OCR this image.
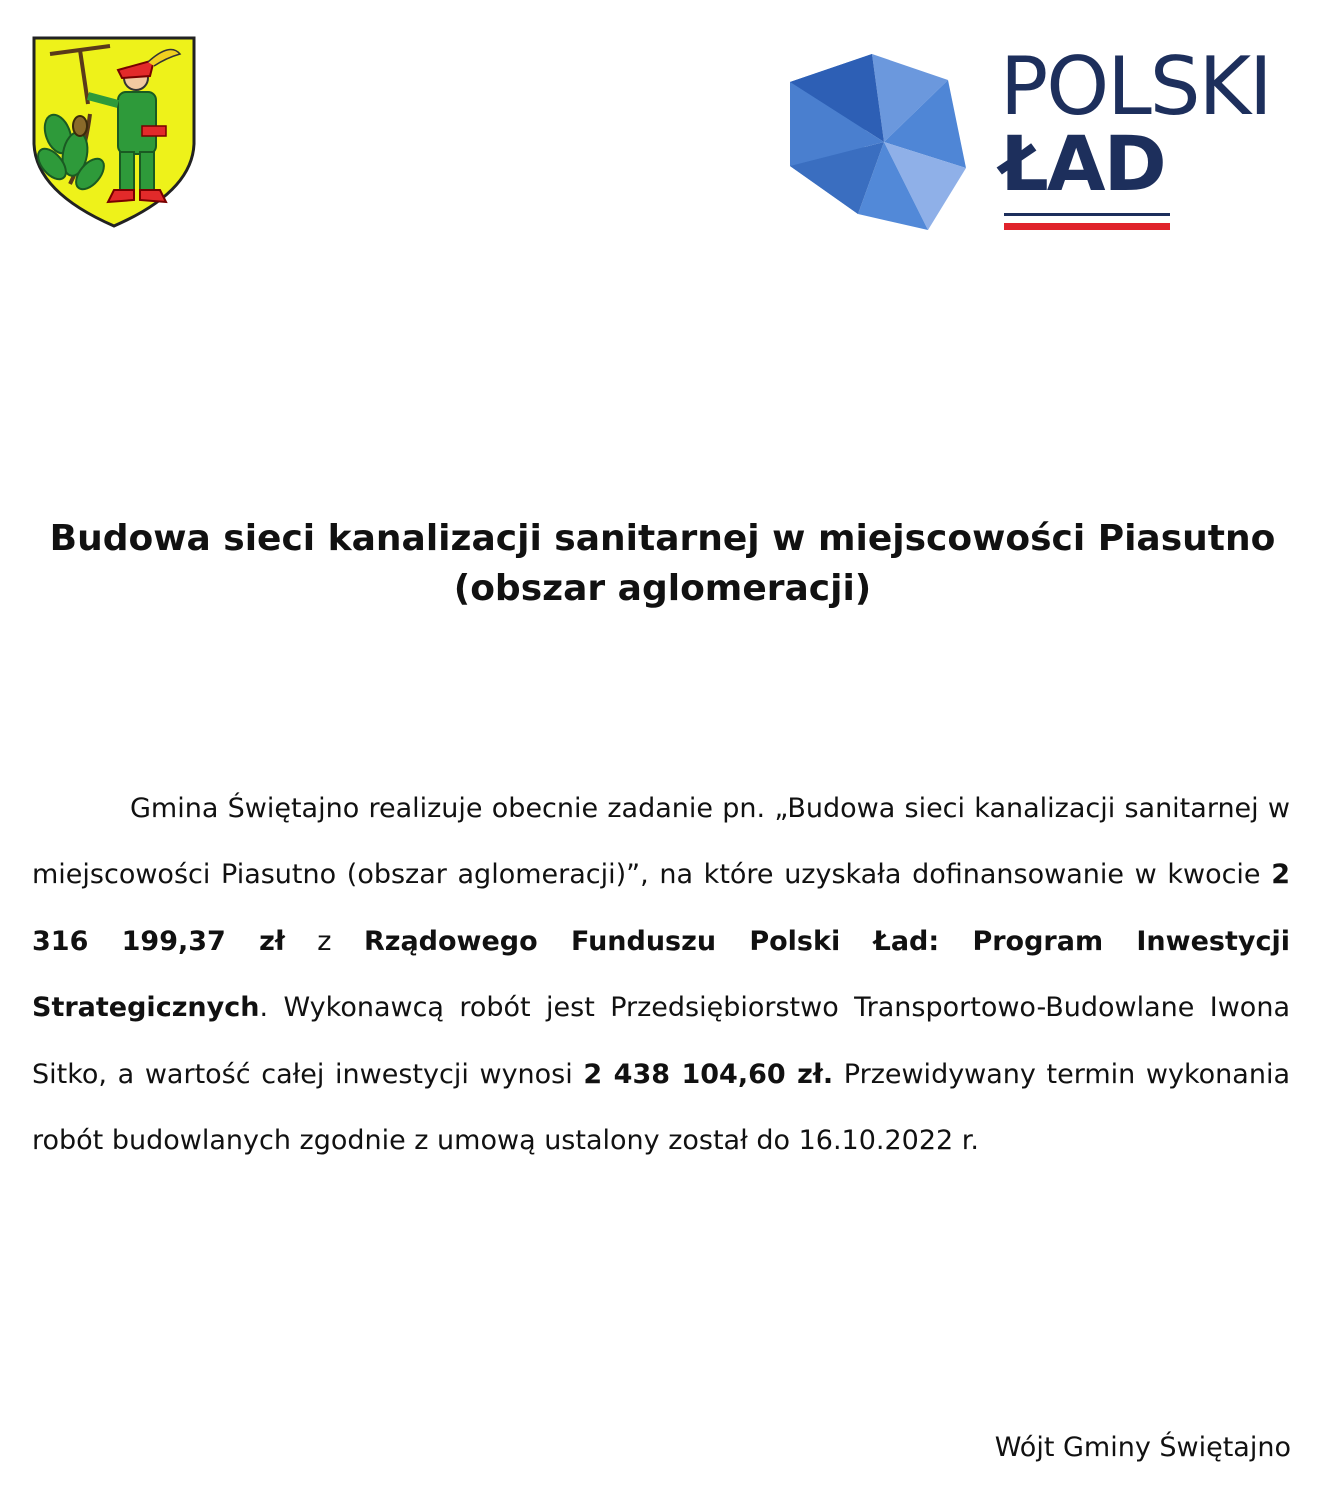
POLSKI
ŁAD
Budowa sieci kanalizacji sanitarnej w miejscowości Piasutno
(obszar aglomeracji)
Gmina Świętajno realizuje obecnie zadanie pn. „Budowa sieci kanalizacji sanitarnej w miejscowości Piasutno (obszar aglomeracji)”, na które uzyskała dofinansowanie w kwocie 2 316 199,37 zł z Rządowego Funduszu Polski Ład: Program Inwestycji Strategicznych. Wykonawcą robót jest Przedsiębiorstwo Transportowo-Budowlane Iwona Sitko, a wartość całej inwestycji wynosi 2 438 104,60 zł. Przewidywany termin wykonania robót budowlanych zgodnie z umową ustalony został do 16.10.2022 r.
Wójt Gminy Świętajno
